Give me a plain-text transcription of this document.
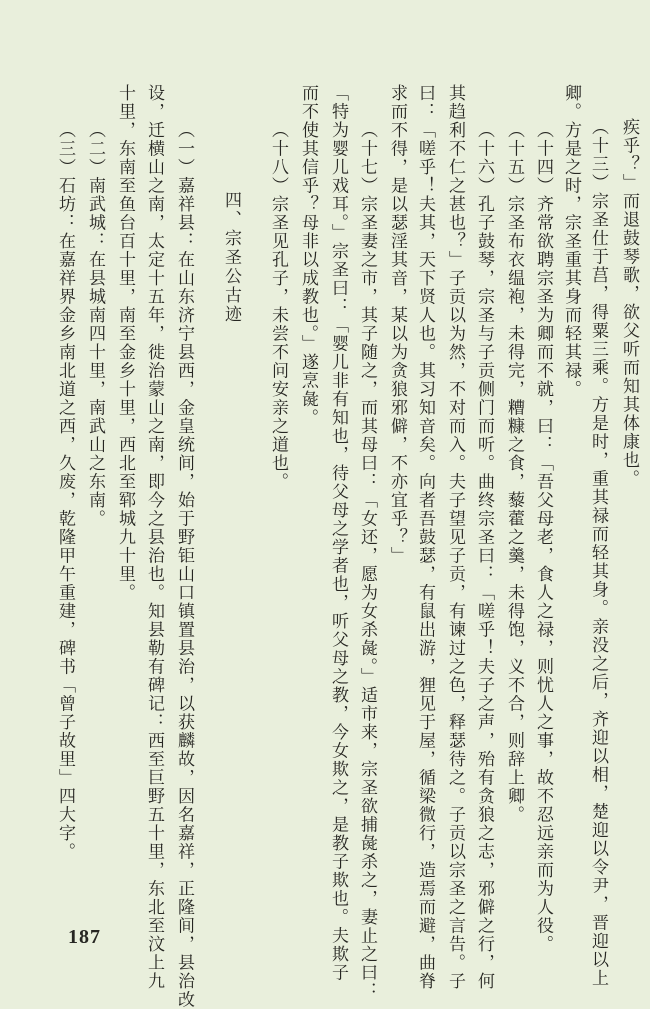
疾乎？」而退鼓琴歌，欲父听而知其体康也。
（十三）宗圣仕于莒，得粟三乘。方是时，重其禄而轻其身。亲没之后，齐迎以相，楚迎以令尹，晋迎以上
卿。方是之时，宗圣重其身而轻其禄。
（十四）齐常欲聘宗圣为卿而不就，曰：「吾父母老，食人之禄，则忧人之事，故不忍远亲而为人役。
（十五）宗圣布衣缊袍，未得完，糟糠之食，藜藿之羹，未得饱，义不合，则辞上卿。
（十六）孔子鼓琴，宗圣与子贡侧门而听。曲终宗圣曰：「嗟乎！夫子之声，殆有贪狼之志，邪僻之行，何
其趋利不仁之甚也？」子贡以为然，不对而入。夫子望见子贡，有谏过之色，释瑟待之。子贡以宗圣之言告。子
曰：「嗟乎！夫其，天下贤人也。其习知音矣。向者吾鼓瑟，有鼠出游，狸见于屋，循梁微行，造焉而避，曲脊
求而不得，是以瑟淫其音，某以为贪狼邪僻，不亦宜乎？」
（十七）宗圣妻之市，其子随之，而其母曰：「女还，愿为女杀彘。」适市来，宗圣欲捕彘杀之，妻止之曰：
「特为婴儿戏耳。」宗圣曰：「婴儿非有知也，待父母之学者也，听父母之教，今女欺之，是教子欺也。夫欺子
而不使其信乎？母非以成教也。」遂烹彘。
（十八）宗圣见孔子，未尝不问安亲之道也。
四、宗圣公古迹
（一）嘉祥县：在山东济宁县西，金皇统间，始于野钜山口镇置县治，以获麟故，因名嘉祥，正隆间，县治改
设，迁横山之南，太定十五年，徙治蒙山之南，即今之县治也。知县勒有碑记：西至巨野五十里，东北至汶上九
十里，东南至鱼台百十里，南至金乡十里，西北至郓城九十里。
（二）南武城：在县城南四十里，南武山之东南。
（三）石坊：在嘉祥界金乡南北道之西，久废，乾隆甲午重建，碑书「曾子故里」四大字。
187
